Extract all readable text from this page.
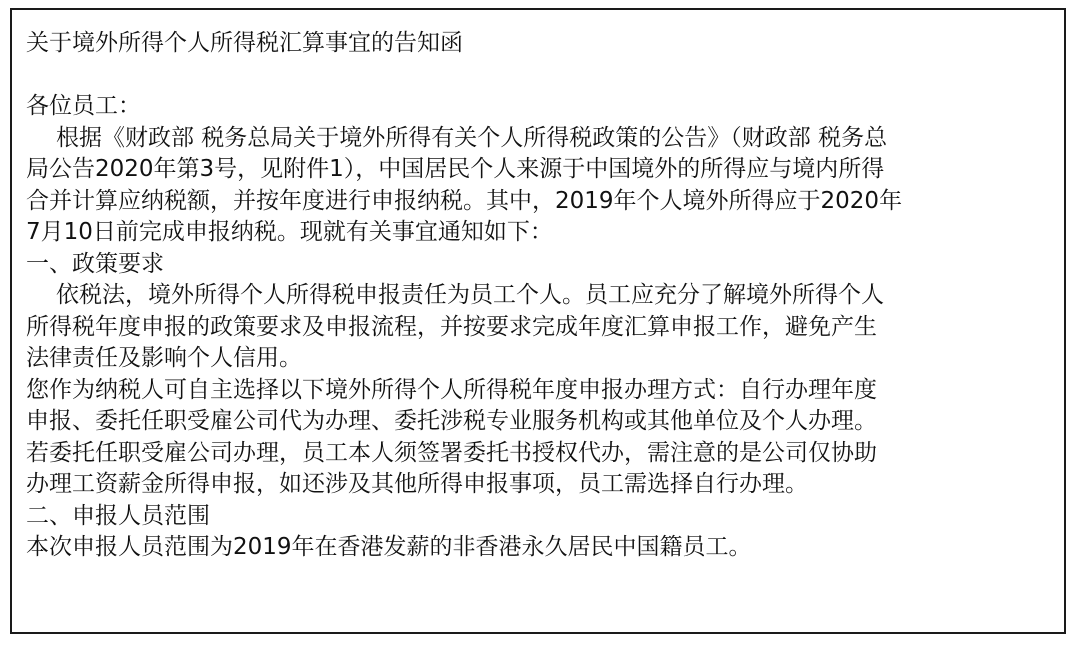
关于境外所得个人所得税汇算事宜的告知函
各位员工：
根据《财政部 税务总局关于境外所得有关个人所得税政策的公告》（财政部 税务总
局公告2020年第3号，见附件1），中国居民个人来源于中国境外的所得应与境内所得
合并计算应纳税额，并按年度进行申报纳税。其中，2019年个人境外所得应于2020年
7月10日前完成申报纳税。现就有关事宜通知如下：
一、政策要求
依税法，境外所得个人所得税申报责任为员工个人。员工应充分了解境外所得个人
所得税年度申报的政策要求及申报流程，并按要求完成年度汇算申报工作，避免产生
法律责任及影响个人信用。
您作为纳税人可自主选择以下境外所得个人所得税年度申报办理方式：自行办理年度
申报、委托任职受雇公司代为办理、委托涉税专业服务机构或其他单位及个人办理。
若委托任职受雇公司办理，员工本人须签署委托书授权代办，需注意的是公司仅协助
办理工资薪金所得申报，如还涉及其他所得申报事项，员工需选择自行办理。
二、申报人员范围
本次申报人员范围为2019年在香港发薪的非香港永久居民中国籍员工。
